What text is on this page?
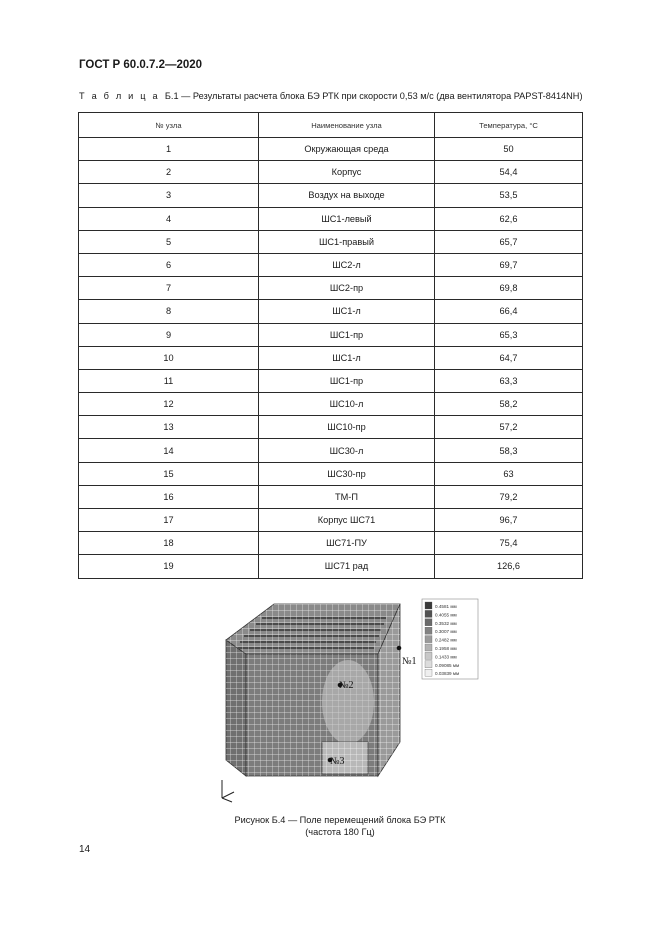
ГОСТ Р 60.0.7.2—2020
Т а б л и ц а Б.1 — Результаты расчета блока БЭ РТК при скорости 0,53 м/с (два вентилятора PAPST-8414NH)
№ узла	Наименование узла	Температура, °C
1	Окружающая среда	50
2	Корпус	54,4
3	Воздух на выходе	53,5
4	ШС1-левый	62,6
5	ШС1-правый	65,7
6	ШС2-л	69,7
7	ШС2-пр	69,8
8	ШС1-л	66,4
9	ШС1-пр	65,3
10	ШС1-л	64,7
11	ШС1-пр	63,3
12	ШС10-л	58,2
13	ШС10-пр	57,2
14	ШС30-л	58,3
15	ШС30-пр	63
16	ТМ-П	79,2
17	Корпус ШС71	96,7
18	ШС71-ПУ	75,4
19	ШС71 рад	126,6
№1
№2
№3
0.4581 мм
0.4055 мм
0.3532 мм
0.3007 мм
0.2482 мм
0.1958 мм
0.1433 мм
0.09085 мм
0.03839 мм
Рисунок Б.4 — Поле перемещений блока БЭ РТК
(частота 180 Гц)
14
